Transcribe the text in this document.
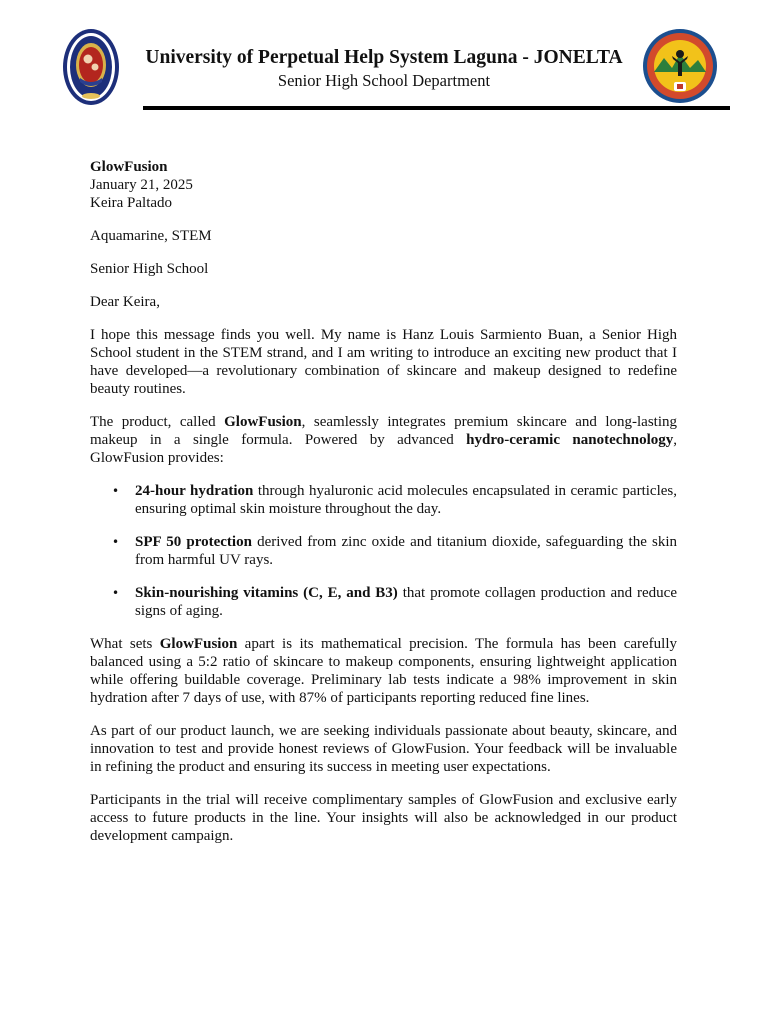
University of Perpetual Help System Laguna - JONELTA
Senior High School Department

GlowFusion

January 21, 2025

Keira Paltado

Aquamarine, STEM

Senior High School

Dear Keira,

I hope this message finds you well. My name is Hanz Louis Sarmiento Buan, a Senior High School student in the STEM strand, and I am writing to introduce an exciting new product that I have developed—a revolutionary combination of skincare and makeup designed to redefine beauty routines.

The product, called GlowFusion, seamlessly integrates premium skincare and long-lasting makeup in a single formula. Powered by advanced hydro-ceramic nanotechnology, GlowFusion provides:

• 24-hour hydration through hyaluronic acid molecules encapsulated in ceramic particles, ensuring optimal skin moisture throughout the day.
• SPF 50 protection derived from zinc oxide and titanium dioxide, safeguarding the skin from harmful UV rays.
• Skin-nourishing vitamins (C, E, and B3) that promote collagen production and reduce signs of aging.

What sets GlowFusion apart is its mathematical precision. The formula has been carefully balanced using a 5:2 ratio of skincare to makeup components, ensuring lightweight application while offering buildable coverage. Preliminary lab tests indicate a 98% improvement in skin hydration after 7 days of use, with 87% of participants reporting reduced fine lines.

As part of our product launch, we are seeking individuals passionate about beauty, skincare, and innovation to test and provide honest reviews of GlowFusion. Your feedback will be invaluable in refining the product and ensuring its success in meeting user expectations.

Participants in the trial will receive complimentary samples of GlowFusion and exclusive early access to future products in the line. Your insights will also be acknowledged in our product development campaign.
